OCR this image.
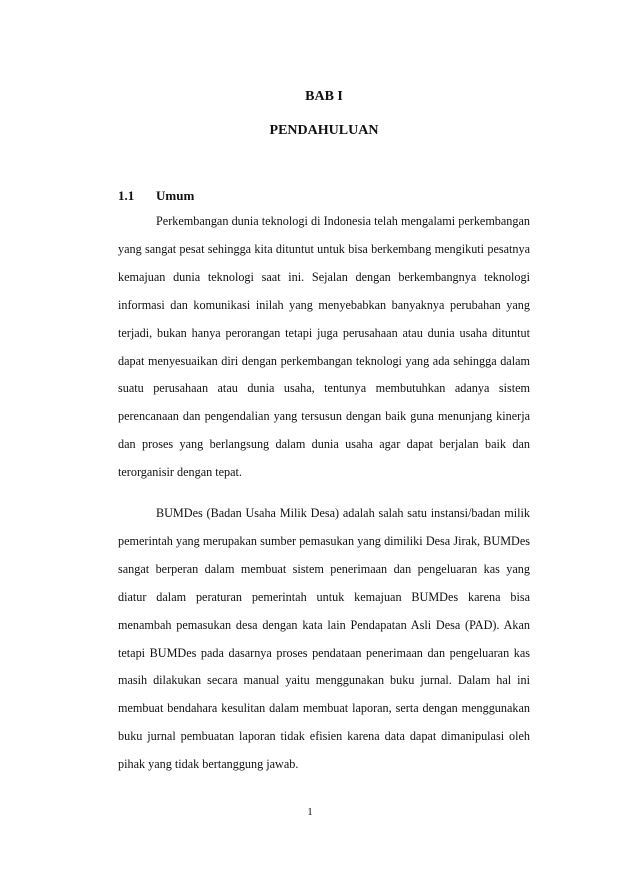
BAB I
PENDAHULUAN
1.1 Umum

Perkembangan dunia teknologi di Indonesia telah mengalami perkembangan yang sangat pesat sehingga kita dituntut untuk bisa berkembang mengikuti pesatnya kemajuan dunia teknologi saat ini. Sejalan dengan berkembangnya teknologi informasi dan komunikasi inilah yang menyebabkan banyaknya perubahan yang terjadi, bukan hanya perorangan tetapi juga perusahaan atau dunia usaha dituntut dapat menyesuaikan diri dengan perkembangan teknologi yang ada sehingga dalam suatu perusahaan atau dunia usaha, tentunya membutuhkan adanya sistem perencanaan dan pengendalian yang tersusun dengan baik guna menunjang kinerja dan proses yang berlangsung dalam dunia usaha agar dapat berjalan baik dan terorganisir dengan tepat.

BUMDes (Badan Usaha Milik Desa) adalah salah satu instansi/badan milik pemerintah yang merupakan sumber pemasukan yang dimiliki Desa Jirak, BUMDes sangat berperan dalam membuat sistem penerimaan dan pengeluaran kas yang diatur dalam peraturan pemerintah untuk kemajuan BUMDes karena bisa menambah pemasukan desa dengan kata lain Pendapatan Asli Desa (PAD). Akan tetapi BUMDes pada dasarnya proses pendataan penerimaan dan pengeluaran kas masih dilakukan secara manual yaitu menggunakan buku jurnal. Dalam hal ini membuat bendahara kesulitan dalam membuat laporan, serta dengan menggunakan buku jurnal pembuatan laporan tidak efisien karena data dapat dimanipulasi oleh pihak yang tidak bertanggung jawab.

1
